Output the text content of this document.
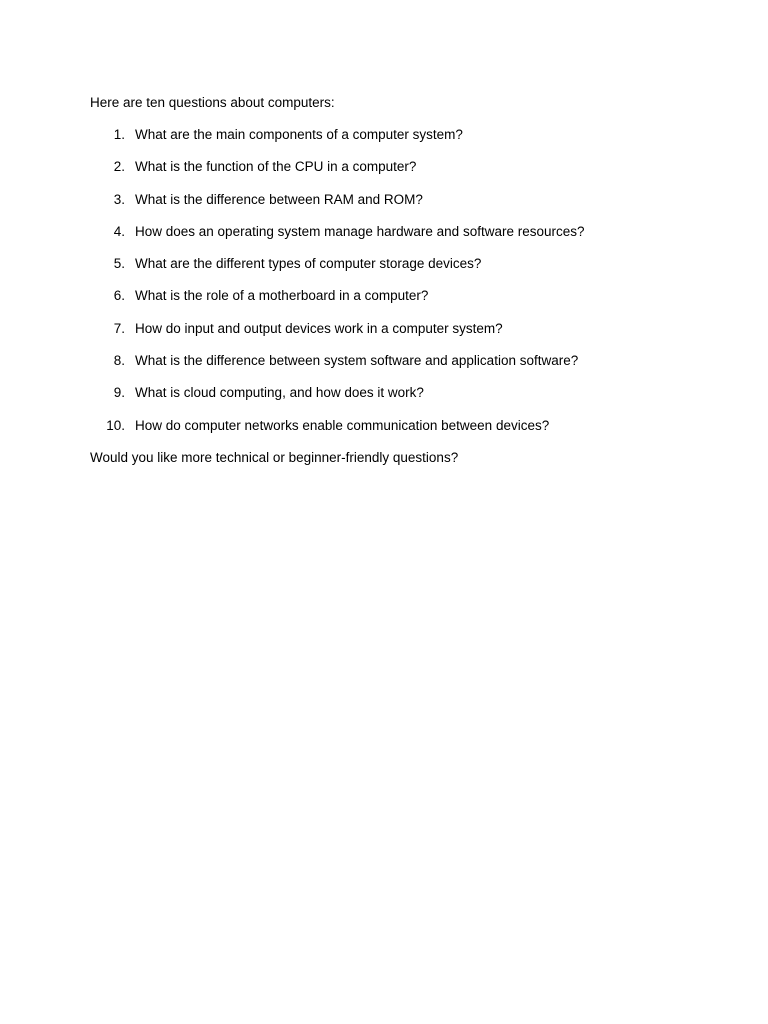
Here are ten questions about computers:
1. What are the main components of a computer system?
2. What is the function of the CPU in a computer?
3. What is the difference between RAM and ROM?
4. How does an operating system manage hardware and software resources?
5. What are the different types of computer storage devices?
6. What is the role of a motherboard in a computer?
7. How do input and output devices work in a computer system?
8. What is the difference between system software and application software?
9. What is cloud computing, and how does it work?
10. How do computer networks enable communication between devices?
Would you like more technical or beginner-friendly questions?
